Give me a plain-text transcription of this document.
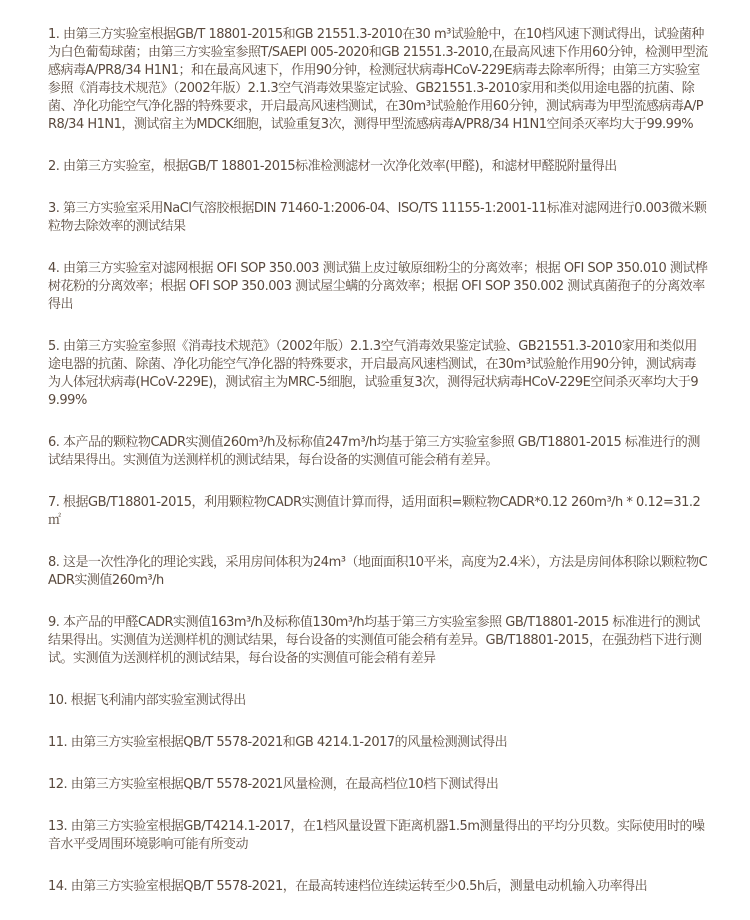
1. 由第三方实验室根据GB/T 18801-2015和GB 21551.3-2010在30 m³试验舱中，在10档风速下测试得出，试验菌种为白色葡萄球菌；由第三方实验室参照T/SAEPI 005-2020和GB 21551.3-2010,在最高风速下作用60分钟，检测甲型流感病毒A/PR8/34 H1N1；和在最高风速下，作用90分钟，检测冠状病毒HCoV-229E病毒去除率所得；由第三方实验室参照《消毒技术规范》（2002年版）2.1.3空气消毒效果鉴定试验、GB21551.3-2010家用和类似用途电器的抗菌、除菌、净化功能空气净化器的特殊要求，开启最高风速档测试，在30m³试验舱作用60分钟，测试病毒为甲型流感病毒A/PR8/34 H1N1，测试宿主为MDCK细胞，试验重复3次，测得甲型流感病毒A/PR8/34 H1N1空间杀灭率均大于99.99%

2. 由第三方实验室，根据GB/T 18801-2015标准检测滤材一次净化效率(甲醛)，和滤材甲醛脱附量得出

3. 第三方实验室采用NaCl气溶胶根据DIN 71460-1:2006-04、ISO/TS 11155-1:2001-11标准对滤网进行0.003微米颗粒物去除效率的测试结果

4. 由第三方实验室对滤网根据 OFI SOP 350.003 测试猫上皮过敏原细粉尘的分离效率；根据 OFI SOP 350.010 测试桦树花粉的分离效率；根据 OFI SOP 350.003 测试屋尘螨的分离效率；根据 OFI SOP 350.002 测试真菌孢子的分离效率得出

5. 由第三方实验室参照《消毒技术规范》（2002年版）2.1.3空气消毒效果鉴定试验、GB21551.3-2010家用和类似用途电器的抗菌、除菌、净化功能空气净化器的特殊要求，开启最高风速档测试，在30m³试验舱作用90分钟，测试病毒为人体冠状病毒(HCoV-229E)，测试宿主为MRC-5细胞，试验重复3次，测得冠状病毒HCoV-229E空间杀灭率均大于99.99%

6. 本产品的颗粒物CADR实测值260m³/h及标称值247m³/h均基于第三方实验室参照 GB/T18801-2015 标准进行的测试结果得出。实测值为送测样机的测试结果，每台设备的实测值可能会稍有差异。

7. 根据GB/T18801-2015，利用颗粒物CADR实测值计算而得，适用面积=颗粒物CADR*0.12 260m³/h * 0.12=31.2㎡

8. 这是一次性净化的理论实践，采用房间体积为24m³（地面面积10平米，高度为2.4米），方法是房间体积除以颗粒物CADR实测值260m³/h

9. 本产品的甲醛CADR实测值163m³/h及标称值130m³/h均基于第三方实验室参照 GB/T18801-2015 标准进行的测试结果得出。实测值为送测样机的测试结果，每台设备的实测值可能会稍有差异。GB/T18801-2015，在强劲档下进行测试。实测值为送测样机的测试结果，每台设备的实测值可能会稍有差异

10. 根据飞利浦内部实验室测试得出

11. 由第三方实验室根据QB/T 5578-2021和GB 4214.1-2017的风量检测测试得出

12. 由第三方实验室根据QB/T 5578-2021风量检测，在最高档位10档下测试得出

13. 由第三方实验室根据GB/T4214.1-2017，在1档风量设置下距离机器1.5m测量得出的平均分贝数。实际使用时的噪音水平受周围环境影响可能有所变动

14. 由第三方实验室根据QB/T 5578-2021，在最高转速档位连续运转至少0.5h后，测量电动机输入功率得出
